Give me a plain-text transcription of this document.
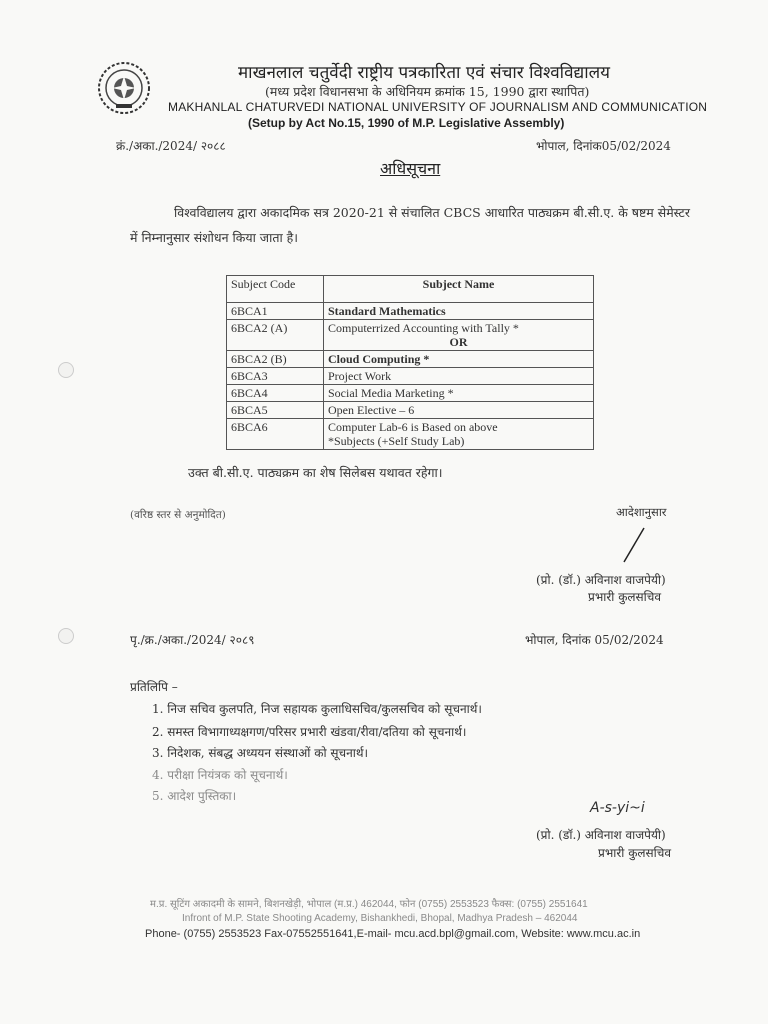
माखनलाल चतुर्वेदी राष्ट्रीय पत्रकारिता एवं संचार विश्वविद्यालय
(मध्य प्रदेश विधानसभा के अधिनियम क्रमांक 15, 1990 द्वारा स्थापित)
MAKHANLAL CHATURVEDI NATIONAL UNIVERSITY OF JOURNALISM AND COMMUNICATION
(Setup by Act No.15, 1990 of M.P. Legislative Assembly)
क्रं./अका./2024/ २०८८	भोपाल, दिनांक05/02/2024
अधिसूचना
विश्वविद्यालय द्वारा अकादमिक सत्र 2020-21 से संचालित CBCS आधारित पाठ्यक्रम बी.सी.ए. के षष्टम सेमेस्टर में निम्नानुसार संशोधन किया जाता है।
Subject Code	Subject Name
6BCA1	Standard Mathematics
6BCA2 (A)	Computerrized Accounting with Tally *
OR

6BCA2 (B)	Cloud Computing *
6BCA3	Project Work
6BCA4	Social Media Marketing *
6BCA5	Open Elective – 6
6BCA6	Computer Lab-6 is Based on above
*Subjects (+Self Study Lab)
उक्त बी.सी.ए. पाठ्यक्रम का शेष सिलेबस यथावत रहेगा।
(वरिष्ठ स्तर से अनुमोदित)	आदेशानुसार
(प्रो. (डॉ.) अविनाश वाजपेयी)
प्रभारी कुलसचिव
पृ./क्र./अका./2024/ २०८९	भोपाल, दिनांक 05/02/2024
प्रतिलिपि –
1. निज सचिव कुलपति, निज सहायक कुलाधिसचिव/कुलसचिव को सूचनार्थ।
2. समस्त विभागाध्यक्षगण/परिसर प्रभारी खंडवा/रीवा/दतिया को सूचनार्थ।
3. निदेशक, संबद्ध अध्ययन संस्थाओं को सूचनार्थ।
4. परीक्षा नियंत्रक को सूचनार्थ।
5. आदेश पुस्तिका।
A-s-yi~i
(प्रो. (डॉ.) अविनाश वाजपेयी)
प्रभारी कुलसचिव
म.प्र. सूटिंग अकादमी के सामने, बिशनखेड़ी, भोपाल (म.प्र.) 462044, फोन (0755) 2553523 फैक्स: (0755) 2551641
Infront of M.P. State Shooting Academy, Bishankhedi, Bhopal, Madhya Pradesh – 462044
Phone- (0755) 2553523 Fax-07552551641,E-mail- mcu.acd.bpl@gmail.com, Website: www.mcu.ac.in
